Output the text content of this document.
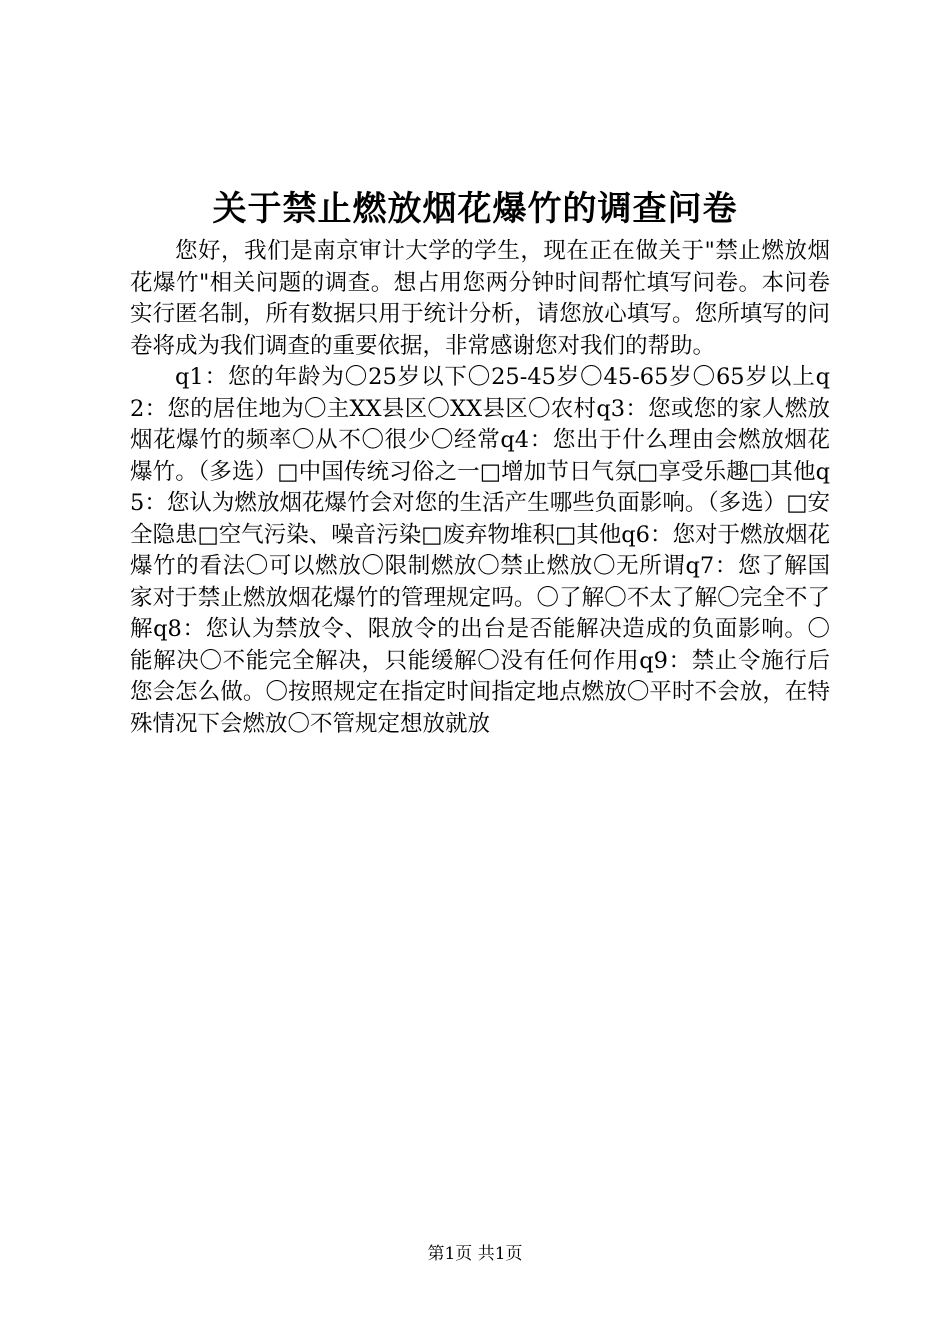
关于禁止燃放烟花爆竹的调查问卷

您好，我们是南京审计大学的学生，现在正在做关于"禁止燃放烟花爆竹"相关问题的调查。想占用您两分钟时间帮忙填写问卷。本问卷实行匿名制，所有数据只用于统计分析，请您放心填写。您所填写的问卷将成为我们调查的重要依据，非常感谢您对我们的帮助。

q1：您的年龄为〇25岁以下〇25-45岁〇45-65岁〇65岁以上q2：您的居住地为〇主XX县区〇XX县区〇农村q3：您或您的家人燃放烟花爆竹的频率〇从不〇很少〇经常q4：您出于什么理由会燃放烟花爆竹。（多选）□中国传统习俗之一□增加节日气氛□享受乐趣□其他q5：您认为燃放烟花爆竹会对您的生活产生哪些负面影响。（多选）□安全隐患□空气污染、噪音污染□废弃物堆积□其他q6：您对于燃放烟花爆竹的看法〇可以燃放〇限制燃放〇禁止燃放〇无所谓q7：您了解国家对于禁止燃放烟花爆竹的管理规定吗。〇了解〇不太了解〇完全不了解q8：您认为禁放令、限放令的出台是否能解决造成的负面影响。〇能解决〇不能完全解决，只能缓解〇没有任何作用q9：禁止令施行后您会怎么做。〇按照规定在指定时间指定地点燃放〇平时不会放，在特殊情况下会燃放〇不管规定想放就放

第1页 共1页
